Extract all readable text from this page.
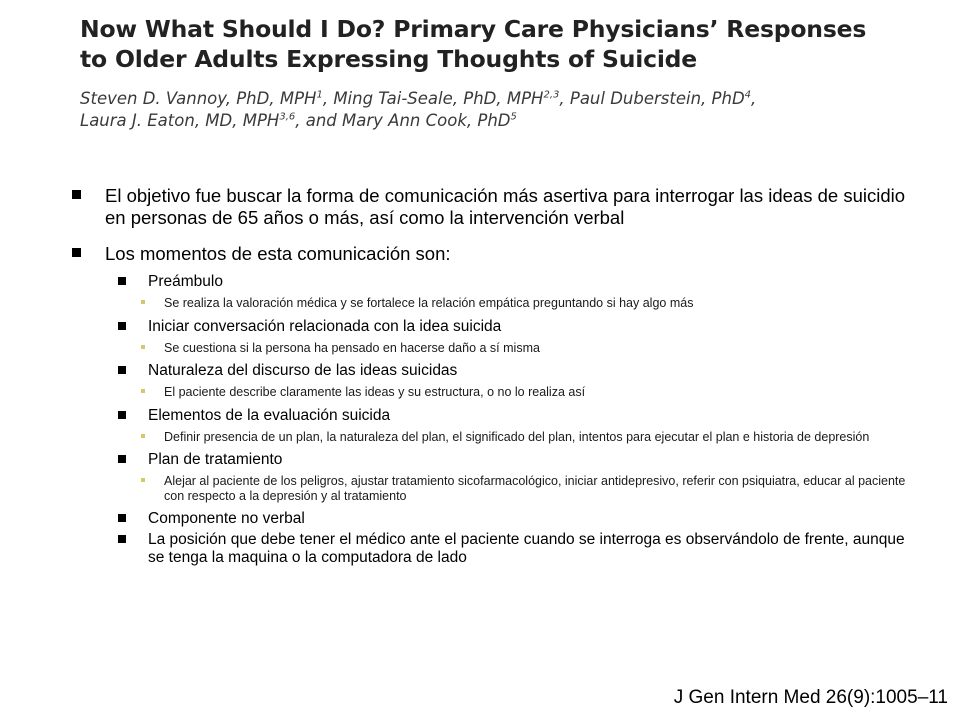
Now What Should I Do? Primary Care Physicians’ Responses
to Older Adults Expressing Thoughts of Suicide

Steven D. Vannoy, PhD, MPH$^1$, Ming Tai-Seale, PhD, MPH$^{2,3}$, Paul Duberstein, PhD$^4$,
Laura J. Eaton, MD, MPH$^{3,6}$, and Mary Ann Cook, PhD$^5$

El objetivo fue buscar la forma de comunicación más asertiva para interrogar las ideas de suicidio en personas de 65 años o más, así como la intervención verbal
Los momentos de esta comunicación son:
Preámbulo
Se realiza la valoración médica y se fortalece la relación empática preguntando si hay algo más
Iniciar conversación relacionada con la idea suicida
Se cuestiona si la persona ha pensado en hacerse daño a sí misma
Naturaleza del discurso de las ideas suicidas
El paciente describe claramente las ideas y su estructura, o no lo realiza así
Elementos de la evaluación suicida
Definir presencia de un plan, la naturaleza del plan, el significado del plan, intentos para ejecutar el plan e historia de depresión
Plan de tratamiento
Alejar al paciente de los peligros, ajustar tratamiento sicofarmacológico, iniciar antidepresivo, referir con psiquiatra, educar al paciente con respecto a la depresión y al tratamiento
Componente no verbal
La posición que debe tener el médico ante el paciente cuando se interroga es observándolo de frente, aunque se tenga la maquina o la computadora de lado
J Gen Intern Med 26(9):1005–11
